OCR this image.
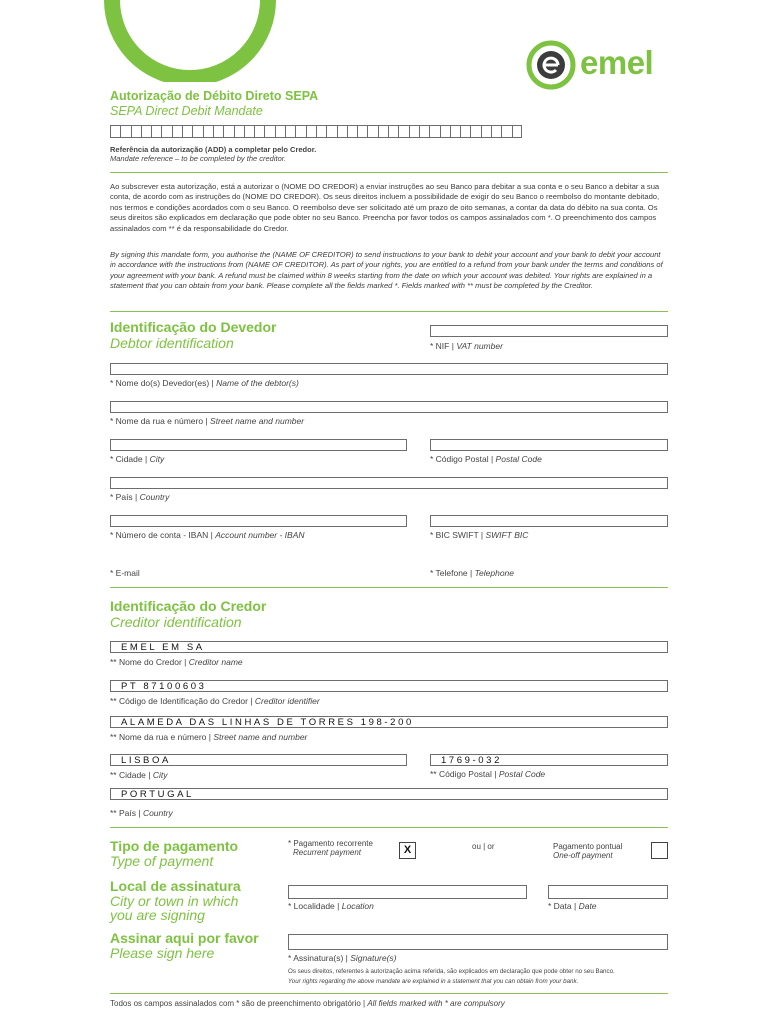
emel
Autorização de Débito Direto SEPA
SEPA Direct Debit Mandate
Referência da autorização (ADD) a completar pelo Credor.
Mandate reference – to be completed by the creditor.
Ao subscrever esta autorização, está a autorizar o (NOME DO CREDOR) a enviar instruções ao seu Banco para debitar a sua conta e o seu Banco a debitar a sua conta, de acordo com as instruções do (NOME DO CREDOR). Os seus direitos incluem a possibilidade de exigir do seu Banco o reembolso do montante debitado, nos termos e condições acordados com o seu Banco. O reembolso deve ser solicitado até um prazo de oito semanas, a contar da data do débito na sua conta. Os seus direitos são explicados em declaração que pode obter no seu Banco. Preencha por favor todos os campos assinalados com *. O preenchimento dos campos assinalados com ** é da responsabilidade do Credor.
By signing this mandate form, you authorise the (NAME OF CREDITOR) to send instructions to your bank to debit your account and your bank to debit your account in accordance with the instructions from (NAME OF CREDITOR). As part of your rights, you are entitled to a refund from your bank under the terms and conditions of your agreement with your bank. A refund must be claimed within 8 weeks starting from the date on which your account was debited. Your rights are explained in a statement that you can obtain from your bank. Please complete all the fields marked *. Fields marked with ** must be completed by the Creditor.
Identificação do Devedor
Debtor identification	* NIF | VAT number
* Nome do(s) Devedor(es) | Name of the debtor(s)
* Nome da rua e número | Street name and number
* Cidade | City	* Código Postal | Postal Code
* País | Country
* Número de conta - IBAN | Account number - IBAN	* BIC SWIFT | SWIFT BIC
* E-mail	* Telefone | Telephone
Identificação do Credor
Creditor identification
EMEL EM SA
** Nome do Credor | Creditor name
PT 87100603
** Código de Identificação do Credor | Creditor identifier
ALAMEDA DAS LINHAS DE TORRES 198-200
** Nome da rua e número | Street name and number
LISBOA
** Cidade | City
1769-032
** Código Postal | Postal Code
PORTUGAL
** País | Country
Tipo de pagamento
Type of payment
* Pagamento recorrente
Recurrent payment	X	ou | or	Pagamento pontual
One-off payment
Local de assinatura
City or town in which
you are signing
* Localidade | Location	* Data | Date
Assinar aqui por favor
Please sign here	* Assinatura(s) | Signature(s)
Os seus direitos, referentes à autorização acima referida, são explicados em declaração que pode obter no seu Banco.
Your rights regarding the above mandate are explained in a statement that you can obtain from your bank.
Todos os campos assinalados com * são de preenchimento obrigatório | All fields marked with * are compulsory
